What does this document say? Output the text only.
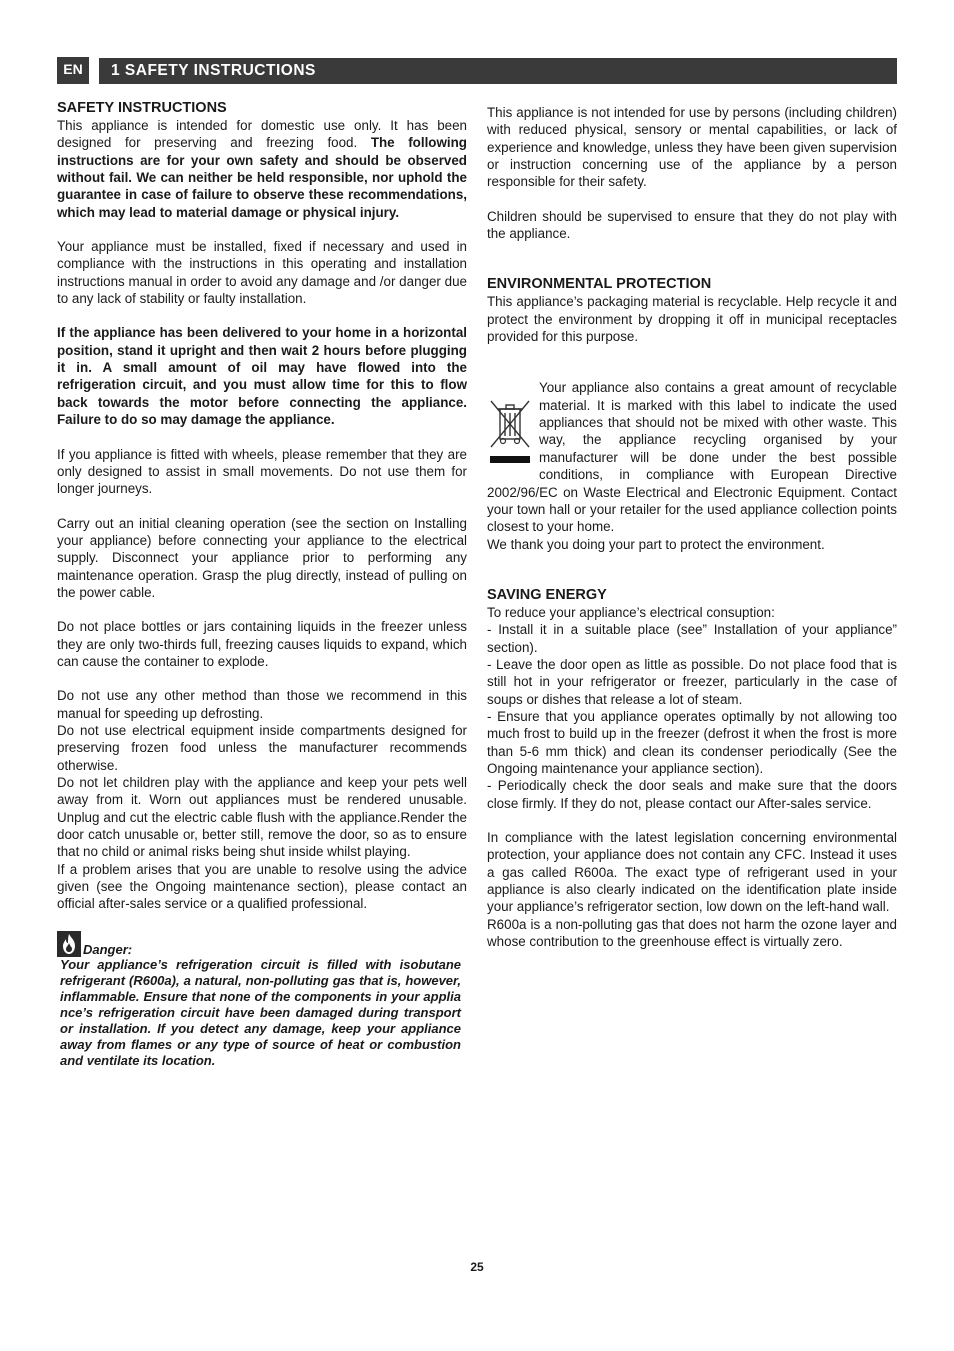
EN	1 SAFETY INSTRUCTIONS
SAFETY INSTRUCTIONS

This appliance is intended for domestic use only. It has been designed for preserving and freezing food. The following instructions are for your own safety and should be observed without fail. We can neither be held responsible, nor uphold the guarantee in case of failure to observe these recommendations, which may lead to material damage or physical injury.

Your appliance must be installed, fixed if necessary and used in compliance with the instructions in this operating and installation instructions manual in order to avoid any damage and /or danger due to any lack of stability or faulty installation.

If the appliance has been delivered to your home in a horizontal position, stand it upright and then wait 2 hours before plugging it in. A small amount of oil may have flowed into the refrigeration circuit, and you must allow time for this to flow back towards the motor before connecting the appliance. Failure to do so may damage the appliance.

If you appliance is fitted with wheels, please remember that they are only designed to assist in small movements. Do not use them for longer journeys.

Carry out an initial cleaning operation (see the section on Installing your appliance) before connecting your appliance to the electrical supply. Disconnect your appliance prior to performing any maintenance operation. Grasp the plug directly, instead of pulling on the power cable.

Do not place bottles or jars containing liquids in the freezer unless they are only two-thirds full, freezing causes liquids to expand, which can cause the container to explode.

Do not use any other method than those we recommend in this manual for speeding up defrosting.

Do not use electrical equipment inside compartments designed for preserving frozen food unless the manufacturer recommends otherwise.

Do not let children play with the appliance and keep your pets well away from it. Worn out appliances must be rendered unusable. Unplug and cut the electric cable flush with the appliance.Render the door catch unusable or, better still, remove the door, so as to ensure that no child or animal risks being shut inside whilst playing.

If a problem arises that you are unable to resolve using the advice given (see the Ongoing maintenance section), please contact an official after-sales service or a qualified professional.

Danger:

Your appliance’s refrigeration circuit is filled with isobutane refrigerant (R600a), a natural, non-polluting gas that is, however, inflammable. Ensure that none of the components in your applia nce’s refrigeration circuit have been damaged during transport or installation. If you detect any damage, keep your appliance away from flames or any type of source of heat or combustion and ventilate its location.

This appliance is not intended for use by persons (including children) with reduced physical, sensory or mental capabilities, or lack of experience and knowledge, unless they have been given supervision or instruction concerning use of the appliance by a person responsible for their safety.

Children should be supervised to ensure that they do not play with the appliance.

ENVIRONMENTAL PROTECTION

This appliance’s packaging material is recyclable. Help recycle it and protect the environment by dropping it off in municipal receptacles provided for this purpose.

Your appliance also contains a great amount of recyclable material. It is marked with this label to indicate the used appliances that should not be mixed with other waste. This way, the appliance recycling organised by your manufacturer will be done under the best possible conditions, in compliance with European Directive 2002/96/EC on Waste Electrical and Electronic Equipment. Contact your town hall or your retailer for the used appliance collection points closest to your home.

We thank you doing your part to protect the environment.

SAVING ENERGY

To reduce your appliance’s electrical consuption:

- Install it in a suitable place (see” Installation of your appliance” section).

- Leave the door open as little as possible. Do not place food that is still hot in your refrigerator or freezer, particularly in the case of soups or dishes that release a lot of steam.

- Ensure that you appliance operates optimally by not allowing too much frost to build up in the freezer (defrost it when the frost is more than 5-6 mm thick) and clean its condenser periodically (See the Ongoing maintenance your appliance section).

- Periodically check the door seals and make sure that the doors close firmly. If they do not, please contact our After-sales service.

In compliance with the latest legislation concerning environmental protection, your appliance does not contain any CFC. Instead it uses a gas called R600a. The exact type of refrigerant used in your appliance is also clearly indicated on the identification plate inside your appliance’s refrigerator section, low down on the left-hand wall.

R600a is a non-polluting gas that does not harm the ozone layer and whose contribution to the greenhouse effect is virtually zero.

25
